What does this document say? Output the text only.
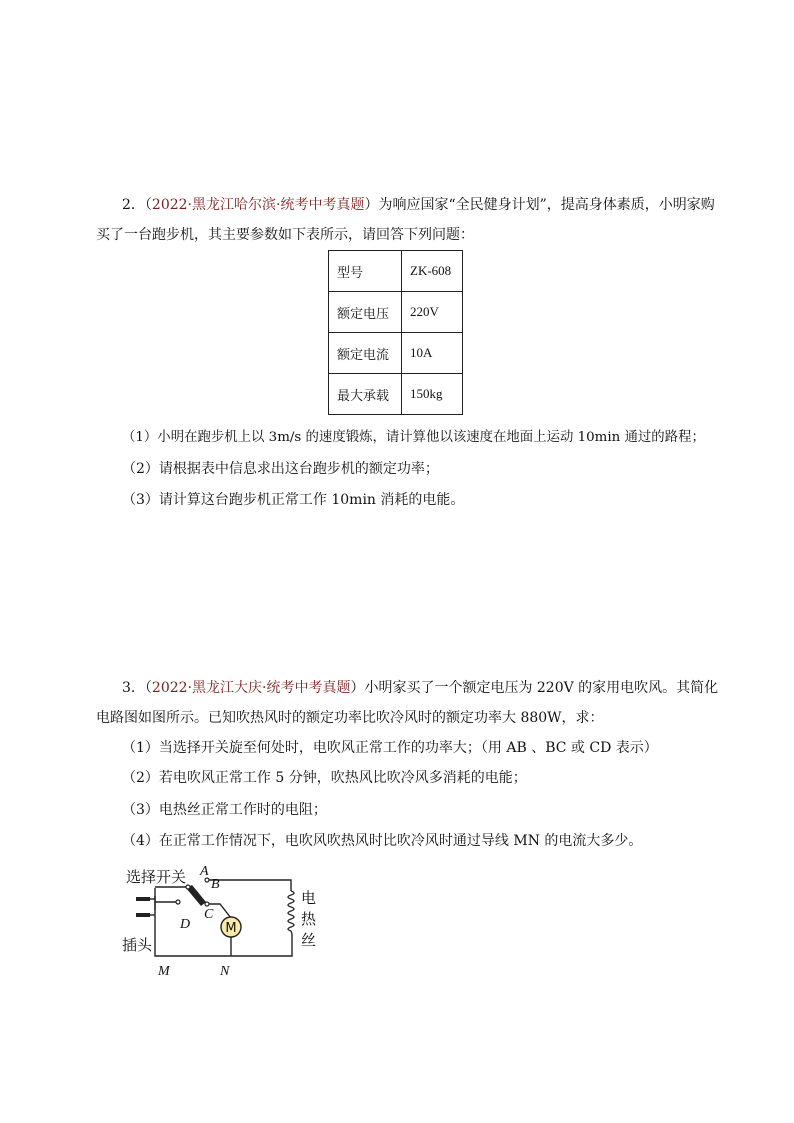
2．（2022·黑龙江哈尔滨·统考中考真题）为响应国家“全民健身计划”，提高身体素质，小明家购
买了一台跑步机，其主要参数如下表所示，请回答下列问题：
型号	ZK-608
额定电压	220V
额定电流	10A
最大承载	150kg
（1）小明在跑步机上以 3m/s 的速度锻炼，请计算他以该速度在地面上运动 10min 通过的路程；
（2）请根据表中信息求出这台跑步机的额定功率；
（3）请计算这台跑步机正常工作 10min 消耗的电能。
3．（2022·黑龙江大庆·统考中考真题）小明家买了一个额定电压为 220V 的家用电吹风。其简化
电路图如图所示。已知吹热风时的额定功率比吹冷风时的额定功率大 880W，求：
（1）当选择开关旋至何处时，电吹风正常工作的功率大；（用 AB 、BC 或 CD 表示）
（2）若电吹风正常工作 5 分钟，吹热风比吹冷风多消耗的电能；
（3）电热丝正常工作时的电阻；
（4）在正常工作情况下，电吹风吹热风时比吹冷风时通过导线 MN 的电流大多少。
M
选择开关
插头
电
热
丝
A
B
C
D
M	N
